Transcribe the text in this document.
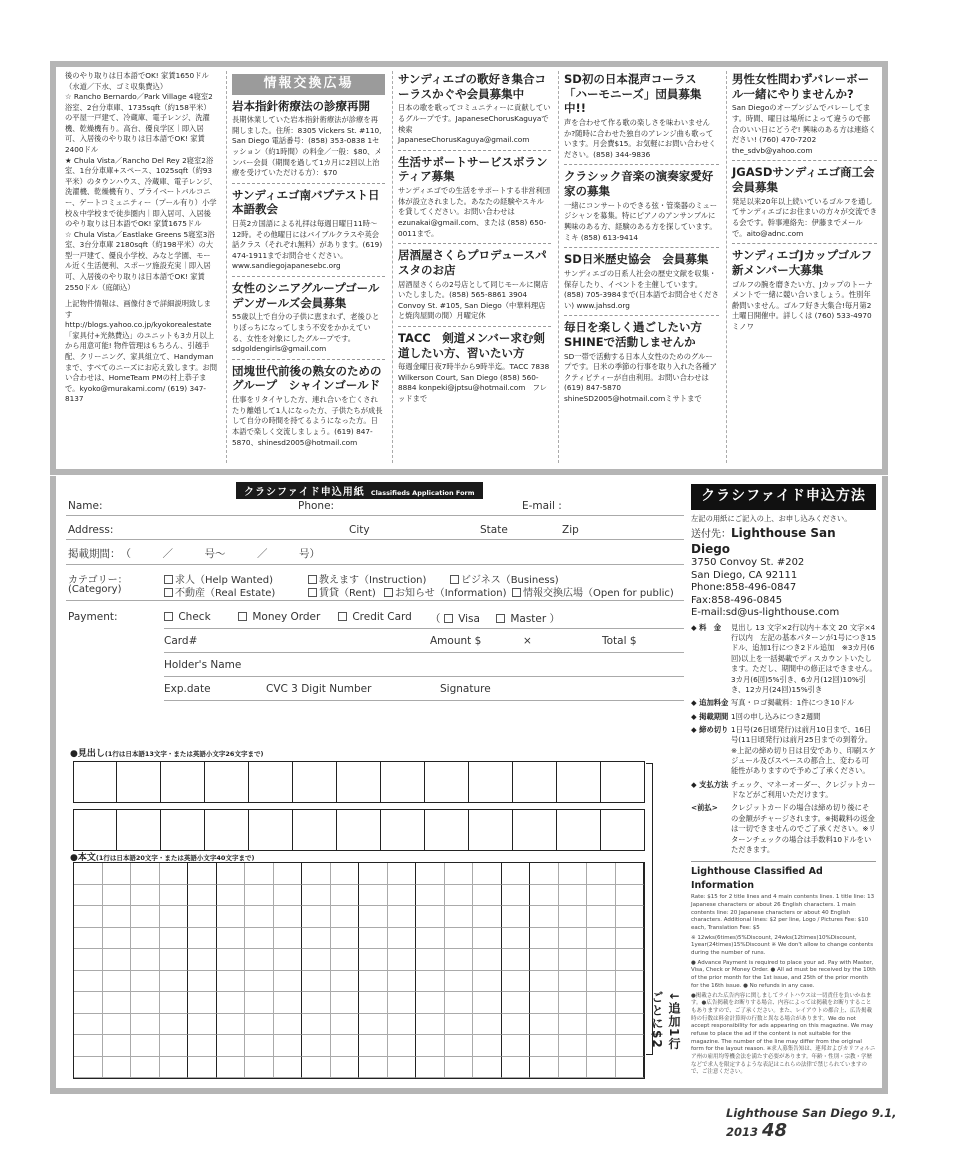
後のやり取りは日本語でOK! 家賃1650ドル（水道／下水、ゴミ収集費込）

☆ Rancho Bernardo／Park Village 4寝室2浴室、2台分車庫、1735sqft（約158平米）の平屋一戸建て、冷蔵庫、電子レンジ、洗濯機、乾燥機有り。高台、優良学区｜即入居可、入居後のやり取りは日本語でOK! 家賃2400ドル

★ Chula Vista／Rancho Del Rey 2寝室2浴室、1台分車庫+スペース、1025sqft（約93平米）のタウンハウス、冷蔵庫、電子レンジ、洗濯機、乾燥機有り、プライベートバルコニー、ゲートコミュニティー（プール有り）小学校＆中学校まで徒歩圏内｜即入居可、入居後のやり取りは日本語でOK! 家賃1675ドル

☆ Chula Vista／Eastlake Greens 5寝室3浴室、3台分車庫 2180sqft（約198平米）の大型一戸建て、優良小学校、みなと学園、モール近く生活便利、スポーツ施設充実｜即入居可、入居後のやり取りは日本語でOK! 家賃2550ドル（庭師込）

上記物件情報は、画像付きで詳細説明致します http://blogs.yahoo.co.jp/kyokorealestate「家具付+光熱費込」のユニットも3カ月以上から用意可能! 物件管理はもちろん、引越手配、クリーニング、家具組立て、Handymanまで、すべてのニーズにお応え致します。お問い合わせは、HomeTeam PMの村上恭子まで。kyoko@murakami.com/ (619) 347-8137

情報交換広場
岩本指針術療法の診療再開

長期休業していた岩本指針術療法が診療を再開しました。住所：8305 Vickers St. #110, San Diego 電話番号：(858) 353-0838 1セッション（約1時間）の料金／一般：$80、メンバー会員（期間を過して1カ月に2回以上治療を受けていただける方）：$70

サンディエゴ南バプテスト日本語教会

日英2カ国語による礼拝は毎週日曜日11時～12時。その他曜日にはバイブルクラスや英会話クラス（それぞれ無料）があります。(619) 474-1911までお問合せください。www.sandiegojapanesebc.org

女性のシニアグループゴールデンガールズ会員募集

55歳以上で自分の子供に恵まれず、老後ひとりぼっちになってしまう不安をかかえている、女性を対象にしたグループです。sdgoldengirls@gmail.com

団塊世代前後の熟女のためのグループ　シャインゴールド

仕事をリタイヤした方、連れ合いを亡くされたり離婚して1人になった方、子供たちが成長して自分の時間を持てるようになった方。日本語で楽しく交流しましょう。(619) 847-5870、shinesd2005@hotmail.com

サンディエゴの歌好き集合コーラスかぐや会員募集中

日本の歌を歌ってコミュニティーに貢献しているグループです。JapaneseChorusKaguyaで検索　JapaneseChorusKaguya@gmail.com

生活サポートサービスボランティア募集

サンディエゴでの生活をサポートする非営利団体が設立されました。あなたの経験やスキルを貸してください。お問い合わせはezunakai@gmail.com、または (858) 650-0011まで。

居酒屋さくらプロデュースパスタのお店

居酒屋さくらの2号店として同じモールに開店いたしました。(858) 565-8861 3904 Convoy St. #105, San Diego（中華料理店と焼肉屋間の間）月曜定休

TACC　剣道メンバー求む剣道したい方、習いたい方

毎週金曜日夜7時半から9時半迄。TACC 7838 Wilkerson Court, San Diego (858) 560-8884 konpeki@jptsu@hotmail.com　フレッドまで

SD初の日本混声コーラス「ハーモニーズ」団員募集中!!

声を合わせて作る歌の楽しさを味わいませんか?随時に合わせた独自のアレンジ曲も歌っています。月会費$15。お気軽にお問い合わせください。(858) 344-9836

クラシック音楽の演奏家愛好家の募集

一緒にコンサートのできる弦・管楽器のミュージシャンを募集。特にピアノのアンサンブルに興味のある方、経験のある方を探しています。ミキ (858) 613-9414

SD日米歴史協会　会員募集

サンディエゴの日系人社会の歴史文献を収集・保存したり、イベントを主催しています。(858) 705-3984まで(日本語でお問合せください) www.jahsd.org

毎日を楽しく過ごしたい方SHINEで活動しませんか

SD一帯で活動する日本人女性のためのグループです。日米の季節の行事を取り入れた各種アクティビティーが自由利用。お問い合わせは (619) 847-5870 shineSD2005@hotmail.comミサトまで

男性女性問わずバレーボール一緒にやりませんか?

San Diegoのオープンジムでバレーしてます。時間、曜日は場所によって違うので都合のいい日にどうぞ! 興味のある方は連絡ください! (760) 470-7202　the_sdvb@yahoo.com

JGASDサンディエゴ商工会会員募集

発足以来20年以上続いているゴルフを通してサンディエゴにお住まいの方々が交流できる会です。幹事連絡先：伊藤までメールで。aito@adnc.com

サンディエゴJカップゴルフ新メンバー大募集

ゴルフの腕を磨きたい方、Jカップのトーナメントで一緒に競い合いましょう。性別年齢問いません。ゴルフ好き大集合!毎月第2土曜日開催中。詳しくは (760) 533-4970ミノワ

クラシファイド申込用紙 Classifieds Application Form
Name:	Phone:	E-mail :
Address:	City	State	Zip
掲載期間：　（　　　／　　　号～　　　／　　　号）
カテゴリー：
(Category)
求人（Help Wanted)	教えます（Instruction)	ビジネス（Business)
不動産（Real Estate)	賃貸（Rent)	お知らせ（Information)	情報交換広場（Open for public)
Payment:	Check	Money Order	Credit Card （  Visa	Master ）
Card#	Amount $	×	Total $
Holder's Name
Exp.date	CVC 3 Digit Number	Signature
●見出し(1行は日本語13文字・または英語小文字26文字まで)
●本文(1行は日本語20文字・または英語小文字40文字まで)
↓追加1行ごとに$2
クラシファイド申込方法
左記の用紙にご記入の上、お申し込みください。
送付先：Lighthouse San Diego
3750 Convoy St. #202
San Diego, CA 92111
Phone:858-496-0847
Fax:858-496-0845
E-mail:sd@us-lighthouse.com
◆ 料　金	見出し 13 文字×2行以内＋本文 20 文字×4行以内　左記の基本パターンが1号につき15ドル、追加1行につき2ドル追加　※3カ月(6回)以上を一括掲載でディスカウントいたします。ただし、期間中の修正はできません。　3カ月(6回)5%引き、6カ月(12回)10%引き、12カ月(24回)15%引き
◆ 追加料金 写真・ロゴ掲載料：1件につき10ドル
◆ 掲載期間 1回の申し込みにつき2週間
◆ 締め切り 1日号(26日頃発行)は前月10日まで、16日号(11日頃発行)は前月25日までの到着分。※上記の締め切り日は目安であり、印刷スケジュール及びスペースの都合上、変わる可能性がありますので予めご了承ください。
◆ 支払方法 チェック、マネーオーダー、クレジットカードなどがご利用いただけます。
<前払>	クレジットカードの場合は締め切り後にその金額がチャージされます。※掲載料の返金は一切できませんのでご了承ください。※リターンチェックの場合は手数料10ドルをいただきます。
Lighthouse Classified Ad Information

Rate: $15 for 2 title lines and 4 main contents lines. 1 title line: 13 Japanese characters or about 26 English characters. 1 main contents line: 20 Japanese characters or about 40 English characters. Additional lines: $2 per line, Logo / Pictures Fee: $10 each, Translation Fee: $5

※ 12wks(6times)5%Discount, 24wks(12times)10%Discount, 1year(24times)15%Discount ※ We don't allow to change contents during the number of runs.

● Advance Payment is required to place your ad. Pay with Master, Visa, Check or Money Order. ● All ad must be received by the 10th of the prior month for the 1st issue, and 25th of the prior month for the 16th issue. ● No refunds in any case.

●掲載された広告内容に関しましてライトハウスは一切責任を負いかねます。●広告掲載をお断りする場合、内容によっては掲載をお断りすることもありますので、ご了承ください。また、レイアウトの都合上、広告掲載時の行数は料金計算時の行数と異なる場合があります。We do not accept responsibility for ads appearing on this magazine. We may refuse to place the ad if the content is not suitable for the magazine. The number of the line may differ from the original form for the layout reason. ※求人募集告知は、連邦およびカリフォルニア州の雇用均等機会法を満たす必要があります。年齢・性別・宗教・学歴などで求人を限定するような表記はこれらの法律で禁じられていますので、ご注意ください。

Lighthouse San Diego 9.1, 2013 48
